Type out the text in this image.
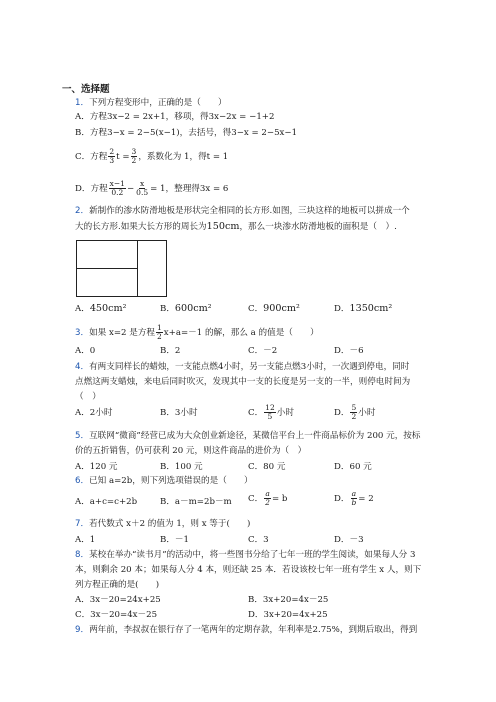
一、选择题
1．下列方程变形中，正确的是（　　）
A．方程3x−2 = 2x+1，移项，得3x−2x = −1+2
B．方程3−x = 2−5(x−1)，去括号，得3−x = 2−5x−1
C．方程 $\frac{2}{3}$ $t = \frac{3}{2}$ ，系数化为 1，得t = 1
D．方程 $\frac{x-1}{0.2} - \frac{x}{0.5} = 1$，整理得3x = 6
2．新制作的渗水防滑地板是形状完全相同的长方形.如图，三块这样的地板可以拼成一个
大的长方形.如果大长方形的周长为150cm，那么一块渗水防滑地板的面积是（　）.
A．450cm²	B．600cm²	C．900cm²	D．1350cm²
3．如果 x=2 是方程 $\frac{1}{2} x+a=-1$ 的解，那么 a 的值是（　　）
A．0	B．2	C．－2	D．－6
4．有两支同样长的蜡烛，一支能点燃4小时，另一支能点燃3小时，一次遇到停电，同时
点燃这两支蜡烛，来电后同时吹灭，发现其中一支的长度是另一支的一半，则停电时间为
（　）
A．2小时	B．3小时	C． $\frac{12}{5}$ 小时	D． $\frac{5}{2}$ 小时
5．互联网“微商”经营已成为大众创业新途径，某微信平台上一件商品标价为 200 元，按标
价的五折销售，仍可获利 20 元，则这件商品的进价为（　）
A．120 元	B．100 元	C．80 元	D．60 元
6．已知 a=2b，则下列选项错误的是（　　）
A．a+c=c+2b	B．a－m=2b－m C． $\frac{a}{2} = b$	D． $\frac{a}{b} = 2$
7．若代数式 x＋2 的值为 1，则 x 等于(　　)
A．1	B．－1	C．3	D．－3
8．某校在举办“读书月”的活动中，将一些图书分给了七年一班的学生阅读，如果每人分 3
本，则剩余 20 本；如果每人分 4 本，则还缺 25 本．若设该校七年一班有学生 x 人，则下
列方程正确的是(　　)
A．3x－20=24x+25	B．3x+20=4x－25
C．3x－20=4x－25	D．3x+20=4x+25
9．两年前，李叔叔在银行存了一笔两年的定期存款，年利率是2.75%，到期后取出，得到
